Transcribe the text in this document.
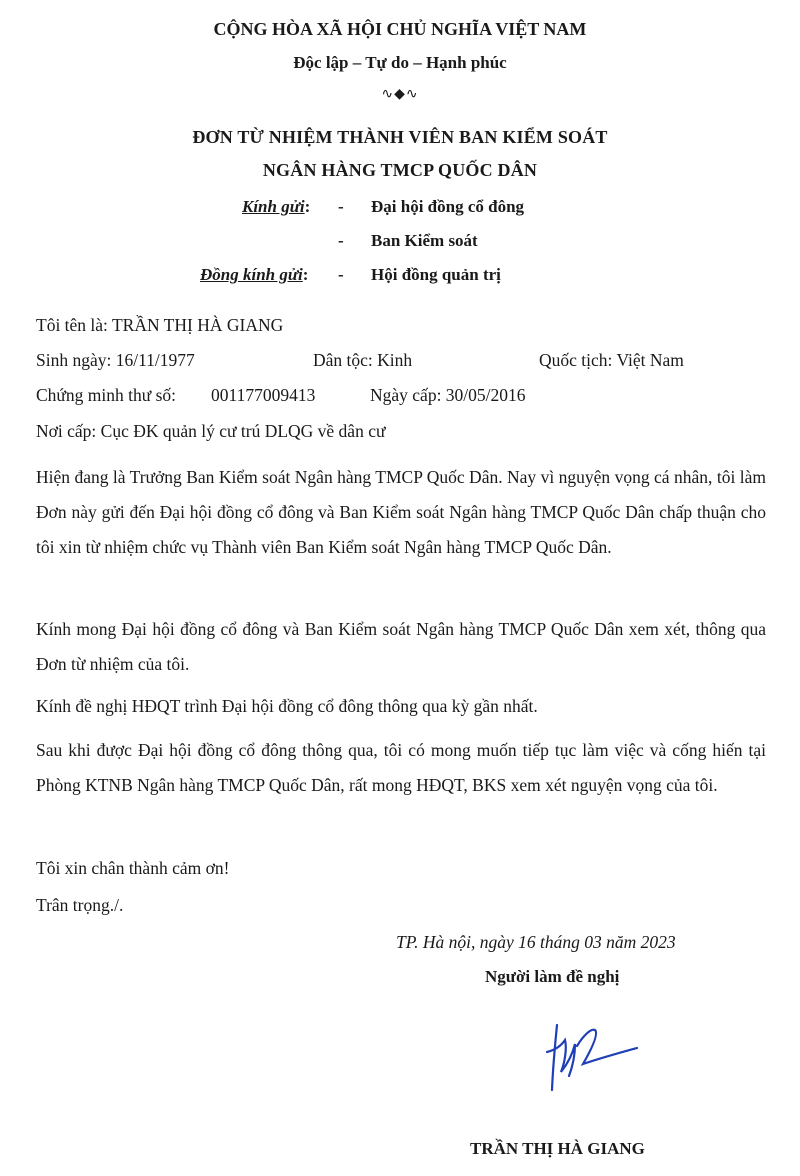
CỘNG HÒA XÃ HỘI CHỦ NGHĨA VIỆT NAM
Độc lập – Tự do – Hạnh phúc
∿◆∿
ĐƠN TỪ NHIỆM THÀNH VIÊN BAN KIỂM SOÁT
NGÂN HÀNG TMCP QUỐC DÂN
Kính gửi: - Đại hội đồng cổ đông
- Ban Kiểm soát
Đồng kính gửi: - Hội đồng quản trị
Tôi tên là: TRẦN THỊ HÀ GIANG
Sinh ngày: 16/11/1977	Dân tộc: Kinh	Quốc tịch: Việt Nam
Chứng minh thư số: 001177009413	Ngày cấp: 30/05/2016
Nơi cấp: Cục ĐK quản lý cư trú DLQG về dân cư
Hiện đang là Trưởng Ban Kiểm soát Ngân hàng TMCP Quốc Dân. Nay vì nguyện vọng cá nhân, tôi làm Đơn này gửi đến Đại hội đồng cổ đông và Ban Kiểm soát Ngân hàng TMCP Quốc Dân chấp thuận cho tôi xin từ nhiệm chức vụ Thành viên Ban Kiểm soát Ngân hàng TMCP Quốc Dân.
Kính mong Đại hội đồng cổ đông và Ban Kiểm soát Ngân hàng TMCP Quốc Dân xem xét, thông qua Đơn từ nhiệm của tôi.
Kính đề nghị HĐQT trình Đại hội đồng cổ đông thông qua kỳ gần nhất.
Sau khi được Đại hội đồng cổ đông thông qua, tôi có mong muốn tiếp tục làm việc và cống hiến tại Phòng KTNB Ngân hàng TMCP Quốc Dân, rất mong HĐQT, BKS xem xét nguyện vọng của tôi.
Tôi xin chân thành cảm ơn!
Trân trọng./.
TP. Hà nội, ngày 16 tháng 03 năm 2023
Người làm đề nghị
TRẦN THỊ HÀ GIANG
